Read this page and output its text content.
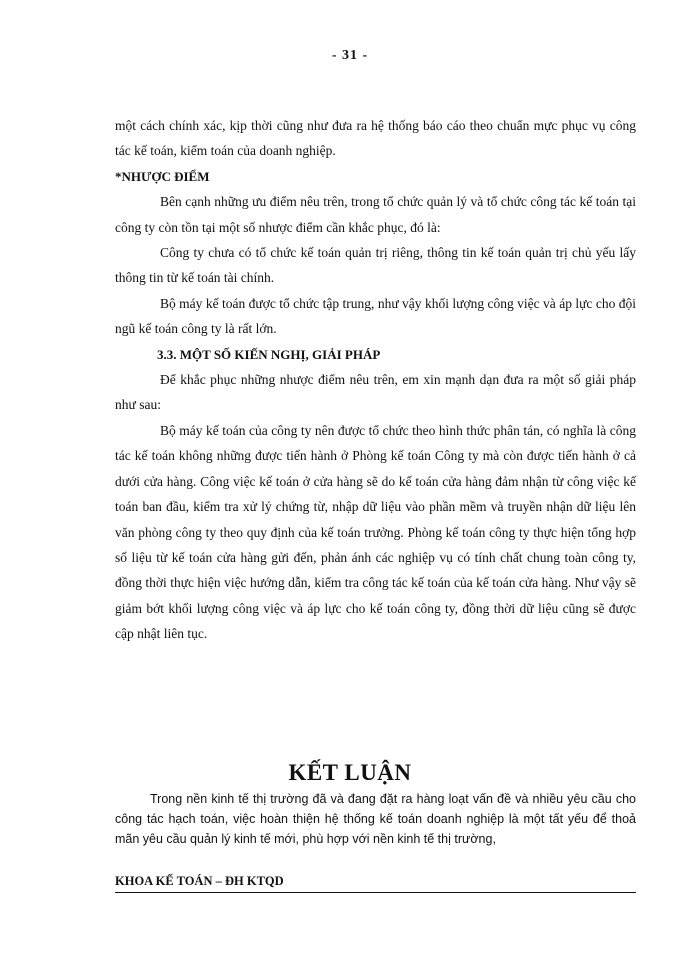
- 31 -

một cách chính xác, kịp thời cũng như đưa ra hệ thống báo cáo theo chuẩn mực phục vụ công tác kế toán, kiểm toán của doanh nghiệp.

*NHƯỢC ĐIỂM

Bên cạnh những ưu điểm nêu trên, trong tổ chức quản lý và tổ chức công tác kế toán tại công ty còn tồn tại một số nhược điểm cần khắc phục, đó là:

Công ty chưa có tổ chức kế toán quản trị riêng, thông tin kế toán quản trị chủ yếu lấy thông tin từ kế toán tài chính.

Bộ máy kế toán được tổ chức tập trung, như vậy khối lượng công việc và áp lực cho đội ngũ kế toán công ty là rất lớn.

3.3. MỘT SỐ KIẾN NGHỊ, GIẢI PHÁP

Để khắc phục những nhược điểm nêu trên, em xin mạnh dạn đưa ra một số giải pháp như sau:

Bộ máy kế toán của công ty nên được tổ chức theo hình thức phân tán, có nghĩa là công tác kế toán không những được tiến hành ở Phòng kế toán Công ty mà còn được tiến hành ở cả dưới cửa hàng. Công việc kế toán ở cửa hàng sẽ do kế toán cửa hàng đảm nhận từ công việc kế toán ban đầu, kiểm tra xử lý chứng từ, nhập dữ liệu vào phần mềm và truyền nhận dữ liệu lên văn phòng công ty theo quy định của kế toán trưởng. Phòng kế toán công ty thực hiện tổng hợp số liệu từ kế toán cửa hàng gửi đến, phản ánh các nghiệp vụ có tính chất chung toàn công ty, đồng thời thực hiện việc hướng dẫn, kiểm tra công tác kế toán của kế toán cửa hàng. Như vậy sẽ giảm bớt khối lượng công việc và áp lực cho kế toán công ty, đồng thời dữ liệu cũng sẽ được cập nhật liên tục.

KẾT LUẬN

Trong nền kinh tế thị trường đã và đang đặt ra hàng loạt vấn đề và nhiều yêu cầu cho công tác hạch toán, việc hoàn thiện hệ thống kế toán doanh nghiệp là một tất yếu để thoả mãn yêu cầu quản lý kinh tế mới, phù hợp với nền kinh tế thị trường,

KHOA KẾ TOÁN – ĐH KTQD
